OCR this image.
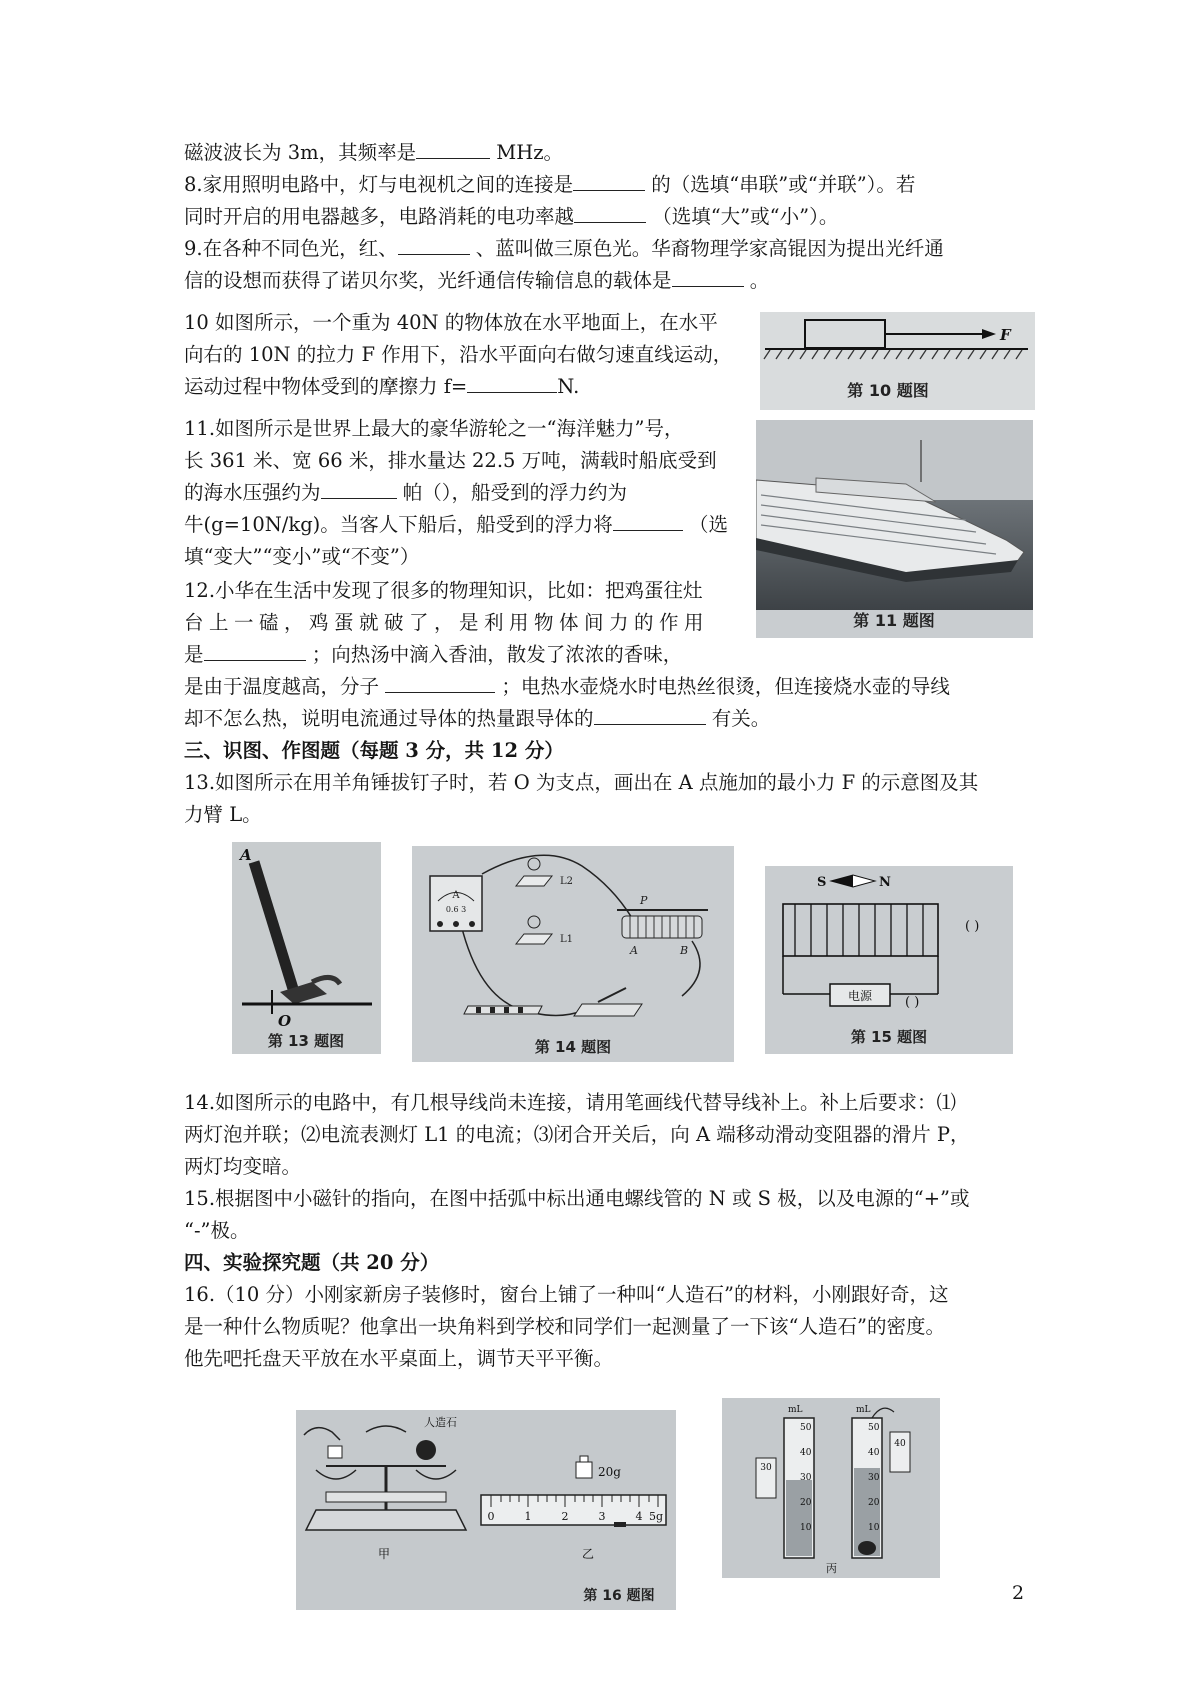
磁波波长为 3m，其频率是	MHz。
8.家用照明电路中，灯与电视机之间的连接是	的（选填“串联”或“并联”）。若
同时开启的用电器越多，电路消耗的电功率越	（选填“大”或“小”）。
9.在各种不同色光，红、	、蓝叫做三原色光。华裔物理学家高锟因为提出光纤通
信的设想而获得了诺贝尔奖，光纤通信传输信息的载体是	。
10 如图所示，一个重为 40N 的物体放在水平地面上，在水平
向右的 10N 的拉力 F 作用下，沿水平面向右做匀速直线运动，
运动过程中物体受到的摩擦力 f=	N.
11.如图所示是世界上最大的豪华游轮之一“海洋魅力”号，
长 361 米、宽 66 米，排水量达 22.5 万吨，满载时船底受到
的海水压强约为	帕（），船受到的浮力约为
牛(g=10N/kg)。当客人下船后，船受到的浮力将	（选
填“变大”“变小”或“不变”）
12.小华在生活中发现了很多的物理知识，比如：把鸡蛋往灶
台上一磕，鸡蛋就破了，是利用物体间力的作用
是	；向热汤中滴入香油，散发了浓浓的香味，
是由于温度越高，分子	；电热水壶烧水时电热丝很烫，但连接烧水壶的导线
却不怎么热，说明电流通过导体的热量跟导体的	有关。
三、识图、作图题（每题 3 分，共 12 分）
13.如图所示在用羊角锤拔钉子时，若 O 为支点，画出在 A 点施加的最小力 F 的示意图及其
力臂 L。
14.如图所示的电路中，有几根导线尚未连接，请用笔画线代替导线补上。补上后要求：⑴
两灯泡并联；⑵电流表测灯 L1 的电流；⑶闭合开关后，向 A 端移动滑动变阻器的滑片 P，
两灯均变暗。
15.根据图中小磁针的指向，在图中括弧中标出通电螺线管的 N 或 S 极，以及电源的“+”或
“-”极。
四、实验探究题（共 20 分）
16.（10 分）小刚家新房子装修时，窗台上铺了一种叫“人造石”的材料，小刚跟好奇，这
是一种什么物质呢？他拿出一块角料到学校和同学们一起测量了一下该“人造石”的密度。
他先吧托盘天平放在水平桌面上，调节天平平衡。
F
第 10 题图
第 11 题图
A
O
第 13 题图
A
0.6 3
L2
L1
P
A	B
第 14 题图
S	N
( )
电源	( )
第 15 题图
人造石
20g
0	1	2	3	4 5g
甲	乙
第 16 题图
mL	mL
50
40
30
20
10
50
40
30
20
10
30
40
丙
2
